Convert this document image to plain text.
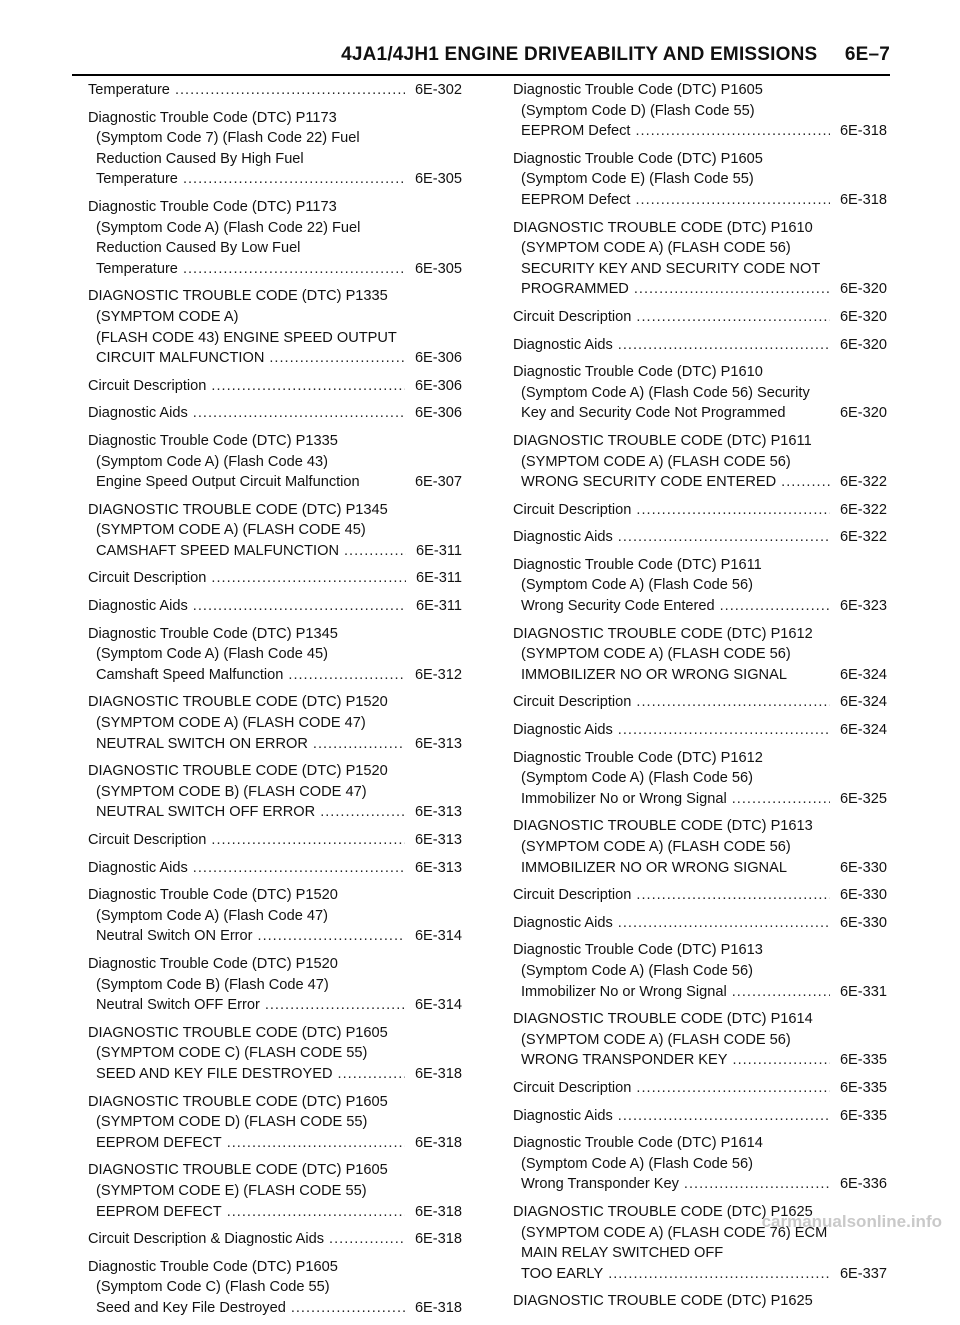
4JA1/4JH1 ENGINE DRIVEABILITY AND EMISSIONS     6E–7
Temperature .....	6E-302
Diagnostic Trouble Code (DTC) P1173
(Symptom Code 7) (Flash Code 22) Fuel
Reduction Caused By High Fuel
Temperature .....	6E-305
Diagnostic Trouble Code (DTC) P1173
(Symptom Code A) (Flash Code 22) Fuel
Reduction Caused By Low Fuel
Temperature .....	6E-305
DIAGNOSTIC TROUBLE CODE (DTC) P1335
(SYMPTOM CODE A)
(FLASH CODE 43) ENGINE SPEED OUTPUT
CIRCUIT MALFUNCTION .....	6E-306
Circuit Description .....	6E-306
Diagnostic Aids .....	6E-306
Diagnostic Trouble Code (DTC) P1335
(Symptom Code A) (Flash Code 43)
Engine Speed Output Circuit Malfunction	6E-307
DIAGNOSTIC TROUBLE CODE (DTC) P1345
(SYMPTOM CODE A) (FLASH CODE 45)
CAMSHAFT SPEED MALFUNCTION .....	6E-311
Circuit Description .....	6E-311
Diagnostic Aids .....	6E-311
Diagnostic Trouble Code (DTC) P1345
(Symptom Code A) (Flash Code 45)
Camshaft Speed Malfunction .....	6E-312
DIAGNOSTIC TROUBLE CODE (DTC) P1520
(SYMPTOM CODE A) (FLASH CODE 47)
NEUTRAL SWITCH ON ERROR .....	6E-313
DIAGNOSTIC TROUBLE CODE (DTC) P1520
(SYMPTOM CODE B) (FLASH CODE 47)
NEUTRAL SWITCH OFF ERROR .....	6E-313
Circuit Description .....	6E-313
Diagnostic Aids .....	6E-313
Diagnostic Trouble Code (DTC) P1520
(Symptom Code A) (Flash Code 47)
Neutral Switch ON Error .....	6E-314
Diagnostic Trouble Code (DTC) P1520
(Symptom Code B) (Flash Code 47)
Neutral Switch OFF Error .....	6E-314
DIAGNOSTIC TROUBLE CODE (DTC) P1605
(SYMPTOM CODE C) (FLASH CODE 55)
SEED AND KEY FILE DESTROYED .....	6E-318
DIAGNOSTIC TROUBLE CODE (DTC) P1605
(SYMPTOM CODE D) (FLASH CODE 55)
EEPROM DEFECT .....	6E-318
DIAGNOSTIC TROUBLE CODE (DTC) P1605
(SYMPTOM CODE E) (FLASH CODE 55)
EEPROM DEFECT .....	6E-318
Circuit Description & Diagnostic Aids .....	6E-318
Diagnostic Trouble Code (DTC) P1605
(Symptom Code C) (Flash Code 55)
Seed and Key File Destroyed .....	6E-318
Diagnostic Trouble Code (DTC) P1605
(Symptom Code D) (Flash Code 55)
EEPROM Defect .....	6E-318
Diagnostic Trouble Code (DTC) P1605
(Symptom Code E) (Flash Code 55)
EEPROM Defect .....	6E-318
DIAGNOSTIC TROUBLE CODE (DTC) P1610
(SYMPTOM CODE A) (FLASH CODE 56)
SECURITY KEY AND SECURITY CODE NOT
PROGRAMMED .....	6E-320
Circuit Description .....	6E-320
Diagnostic Aids .....	6E-320
Diagnostic Trouble Code (DTC) P1610
(Symptom Code A) (Flash Code 56) Security
Key and Security Code Not Programmed	6E-320
DIAGNOSTIC TROUBLE CODE (DTC) P1611
(SYMPTOM CODE A) (FLASH CODE 56)
WRONG SECURITY CODE ENTERED .....	6E-322
Circuit Description .....	6E-322
Diagnostic Aids .....	6E-322
Diagnostic Trouble Code (DTC) P1611
(Symptom Code A) (Flash Code 56)
Wrong Security Code Entered .....	6E-323
DIAGNOSTIC TROUBLE CODE (DTC) P1612
(SYMPTOM CODE A) (FLASH CODE 56)
IMMOBILIZER NO OR WRONG SIGNAL	6E-324
Circuit Description .....	6E-324
Diagnostic Aids .....	6E-324
Diagnostic Trouble Code (DTC) P1612
(Symptom Code A) (Flash Code 56)
Immobilizer No or Wrong Signal .....	6E-325
DIAGNOSTIC TROUBLE CODE (DTC) P1613
(SYMPTOM CODE A) (FLASH CODE 56)
IMMOBILIZER NO OR WRONG SIGNAL	6E-330
Circuit Description .....	6E-330
Diagnostic Aids .....	6E-330
Diagnostic Trouble Code (DTC) P1613
(Symptom Code A) (Flash Code 56)
Immobilizer No or Wrong Signal .....	6E-331
DIAGNOSTIC TROUBLE CODE (DTC) P1614
(SYMPTOM CODE A) (FLASH CODE 56)
WRONG TRANSPONDER KEY .....	6E-335
Circuit Description .....	6E-335
Diagnostic Aids .....	6E-335
Diagnostic Trouble Code (DTC) P1614
(Symptom Code A) (Flash Code 56)
Wrong Transponder Key .....	6E-336
DIAGNOSTIC TROUBLE CODE (DTC) P1625
(SYMPTOM CODE A) (FLASH CODE 76) ECM
MAIN RELAY SWITCHED OFF
TOO EARLY .....	6E-337
DIAGNOSTIC TROUBLE CODE (DTC) P1625
carmanualsonline.info
